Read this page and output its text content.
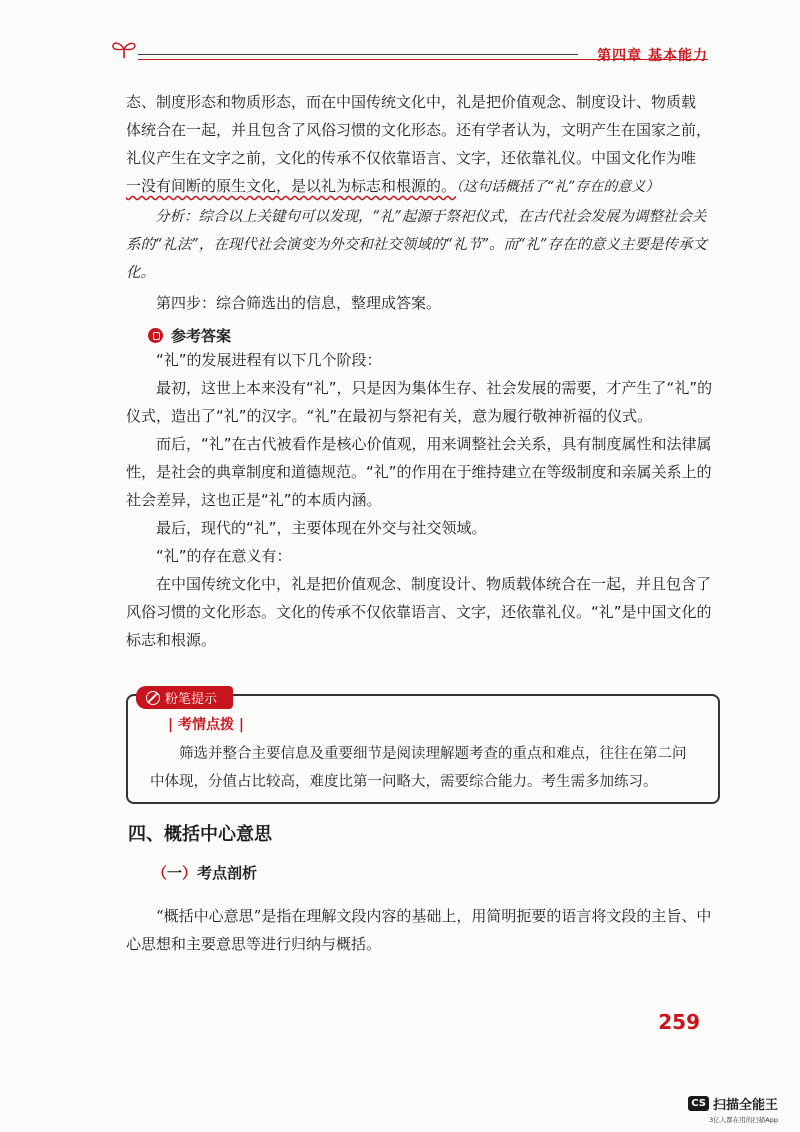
第四章 基本能力

态、制度形态和物质形态，而在中国传统文化中，礼是把价值观念、制度设计、物质载

体统合在一起，并且包含了风俗习惯的文化形态。还有学者认为，文明产生在国家之前，

礼仪产生在文字之前，文化的传承不仅依靠语言、文字，还依靠礼仪。中国文化作为唯

一没有间断的原生文化，是以礼为标志和根源的。（这句话概括了“礼”存在的意义）

分析：综合以上关键句可以发现，“礼”起源于祭祀仪式，在古代社会发展为调整社会关系的“礼法”，在现代社会演变为外交和社交领域的“礼节”。而“礼”存在的意义主要是传承文化。

第四步：综合筛选出的信息，整理成答案。

参考答案

“礼”的发展进程有以下几个阶段：

最初，这世上本来没有“礼”，只是因为集体生存、社会发展的需要，才产生了“礼”的仪式，造出了“礼”的汉字。“礼”在最初与祭祀有关，意为履行敬神祈福的仪式。

而后，“礼”在古代被看作是核心价值观，用来调整社会关系，具有制度属性和法律属性，是社会的典章制度和道德规范。“礼”的作用在于维持建立在等级制度和亲属关系上的社会差异，这也正是“礼”的本质内涵。

最后，现代的“礼”，主要体现在外交与社交领域。

“礼”的存在意义有：

在中国传统文化中，礼是把价值观念、制度设计、物质载体统合在一起，并且包含了风俗习惯的文化形态。文化的传承不仅依靠语言、文字，还依靠礼仪。“礼”是中国文化的标志和根源。

粉笔提示
| 考情点拨 |
筛选并整合主要信息及重要细节是阅读理解题考查的重点和难点，往往在第二问中体现，分值占比较高，难度比第一问略大，需要综合能力。考生需多加练习。
四、概括中心意思
（一）考点剖析

“概括中心意思”是指在理解文段内容的基础上，用简明扼要的语言将文段的主旨、中心思想和主要意思等进行归纳与概括。

259
CS 扫描全能王
3亿人都在用的扫描App
